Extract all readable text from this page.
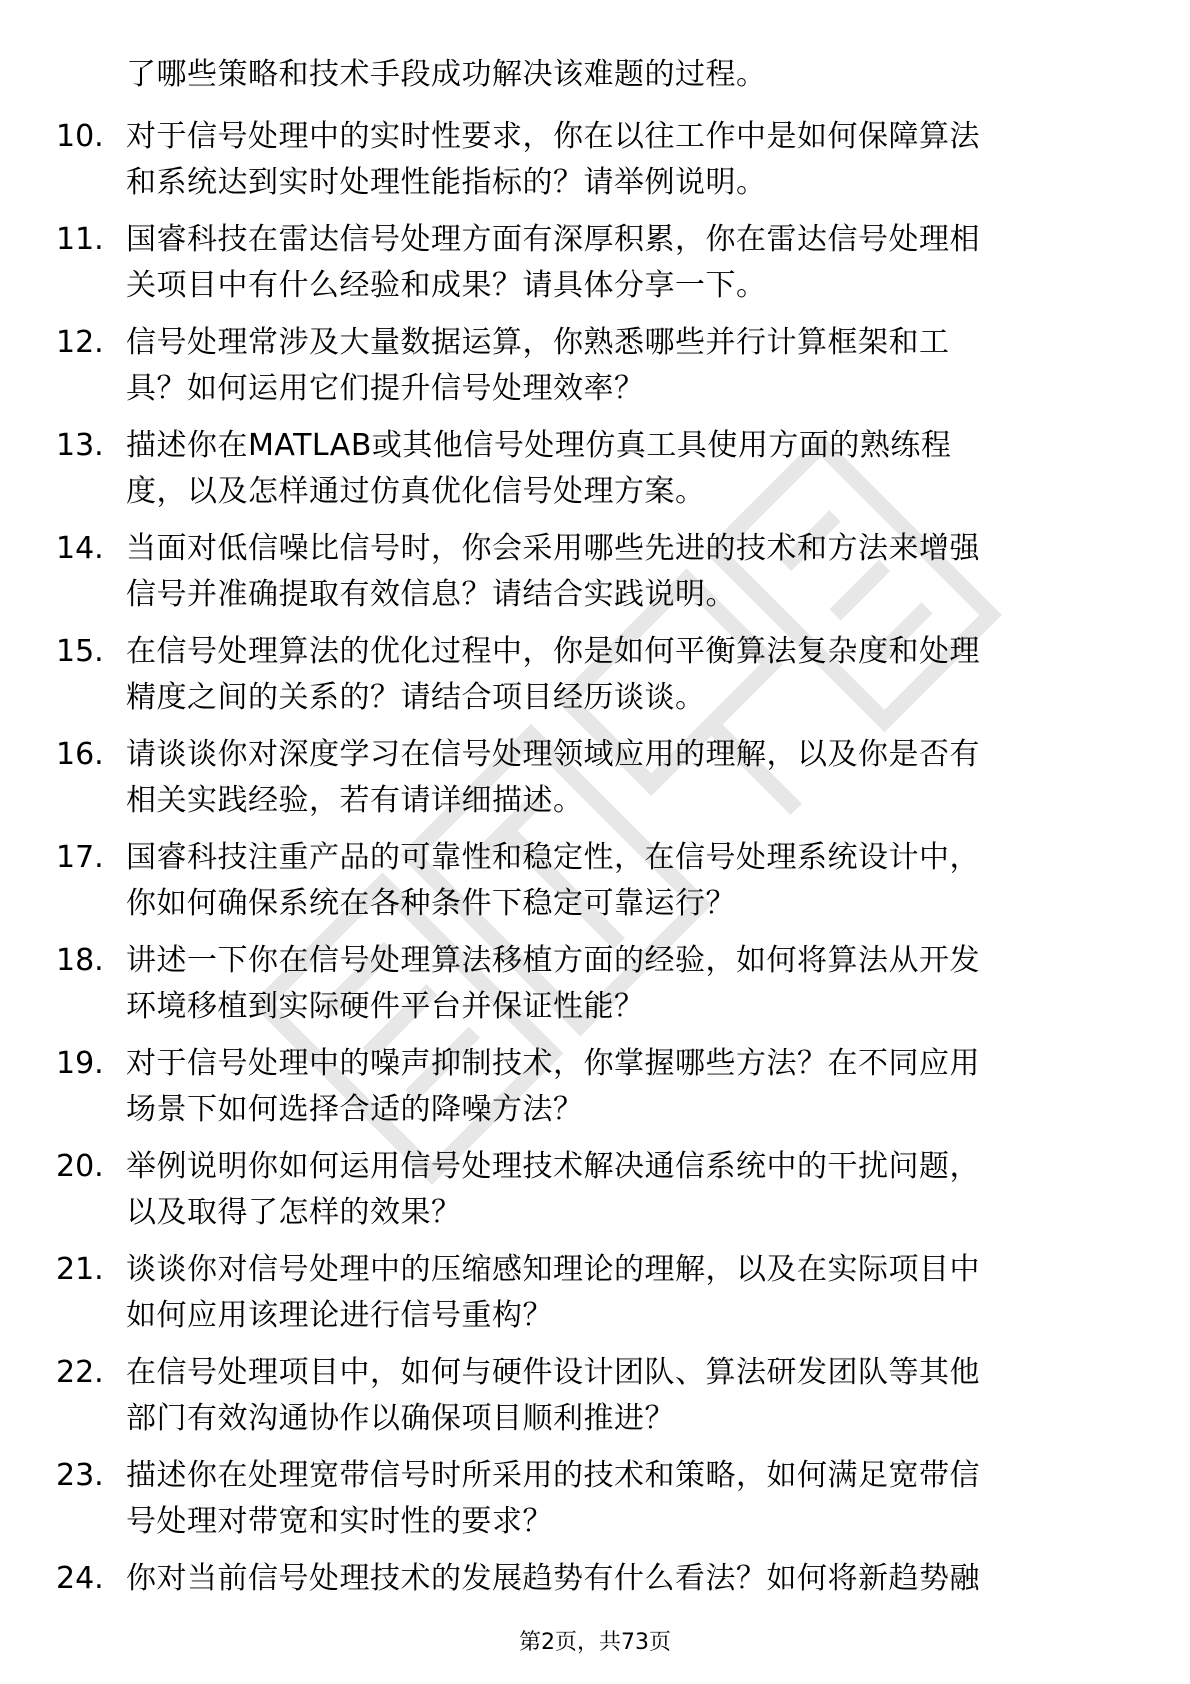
了哪些策略和技术手段成功解决该难题的过程。
10. 对于信号处理中的实时性要求，你在以往工作中是如何保障算法
和系统达到实时处理性能指标的？请举例说明。
11. 国睿科技在雷达信号处理方面有深厚积累，你在雷达信号处理相
关项目中有什么经验和成果？请具体分享一下。
12. 信号处理常涉及大量数据运算，你熟悉哪些并行计算框架和工
具？如何运用它们提升信号处理效率？
13. 描述你在MATLAB或其他信号处理仿真工具使用方面的熟练程
度，以及怎样通过仿真优化信号处理方案。
14. 当面对低信噪比信号时，你会采用哪些先进的技术和方法来增强
信号并准确提取有效信息？请结合实践说明。
15. 在信号处理算法的优化过程中，你是如何平衡算法复杂度和处理
精度之间的关系的？请结合项目经历谈谈。
16. 请谈谈你对深度学习在信号处理领域应用的理解，以及你是否有
相关实践经验，若有请详细描述。
17. 国睿科技注重产品的可靠性和稳定性，在信号处理系统设计中，
你如何确保系统在各种条件下稳定可靠运行？
18. 讲述一下你在信号处理算法移植方面的经验，如何将算法从开发
环境移植到实际硬件平台并保证性能？
19. 对于信号处理中的噪声抑制技术，你掌握哪些方法？在不同应用
场景下如何选择合适的降噪方法？
20. 举例说明你如何运用信号处理技术解决通信系统中的干扰问题，
以及取得了怎样的效果？
21. 谈谈你对信号处理中的压缩感知理论的理解，以及在实际项目中
如何应用该理论进行信号重构？
22. 在信号处理项目中，如何与硬件设计团队、算法研发团队等其他
部门有效沟通协作以确保项目顺利推进？
23. 描述你在处理宽带信号时所采用的技术和策略，如何满足宽带信
号处理对带宽和实时性的要求？
24. 你对当前信号处理技术的发展趋势有什么看法？如何将新趋势融
第2页，共73页
